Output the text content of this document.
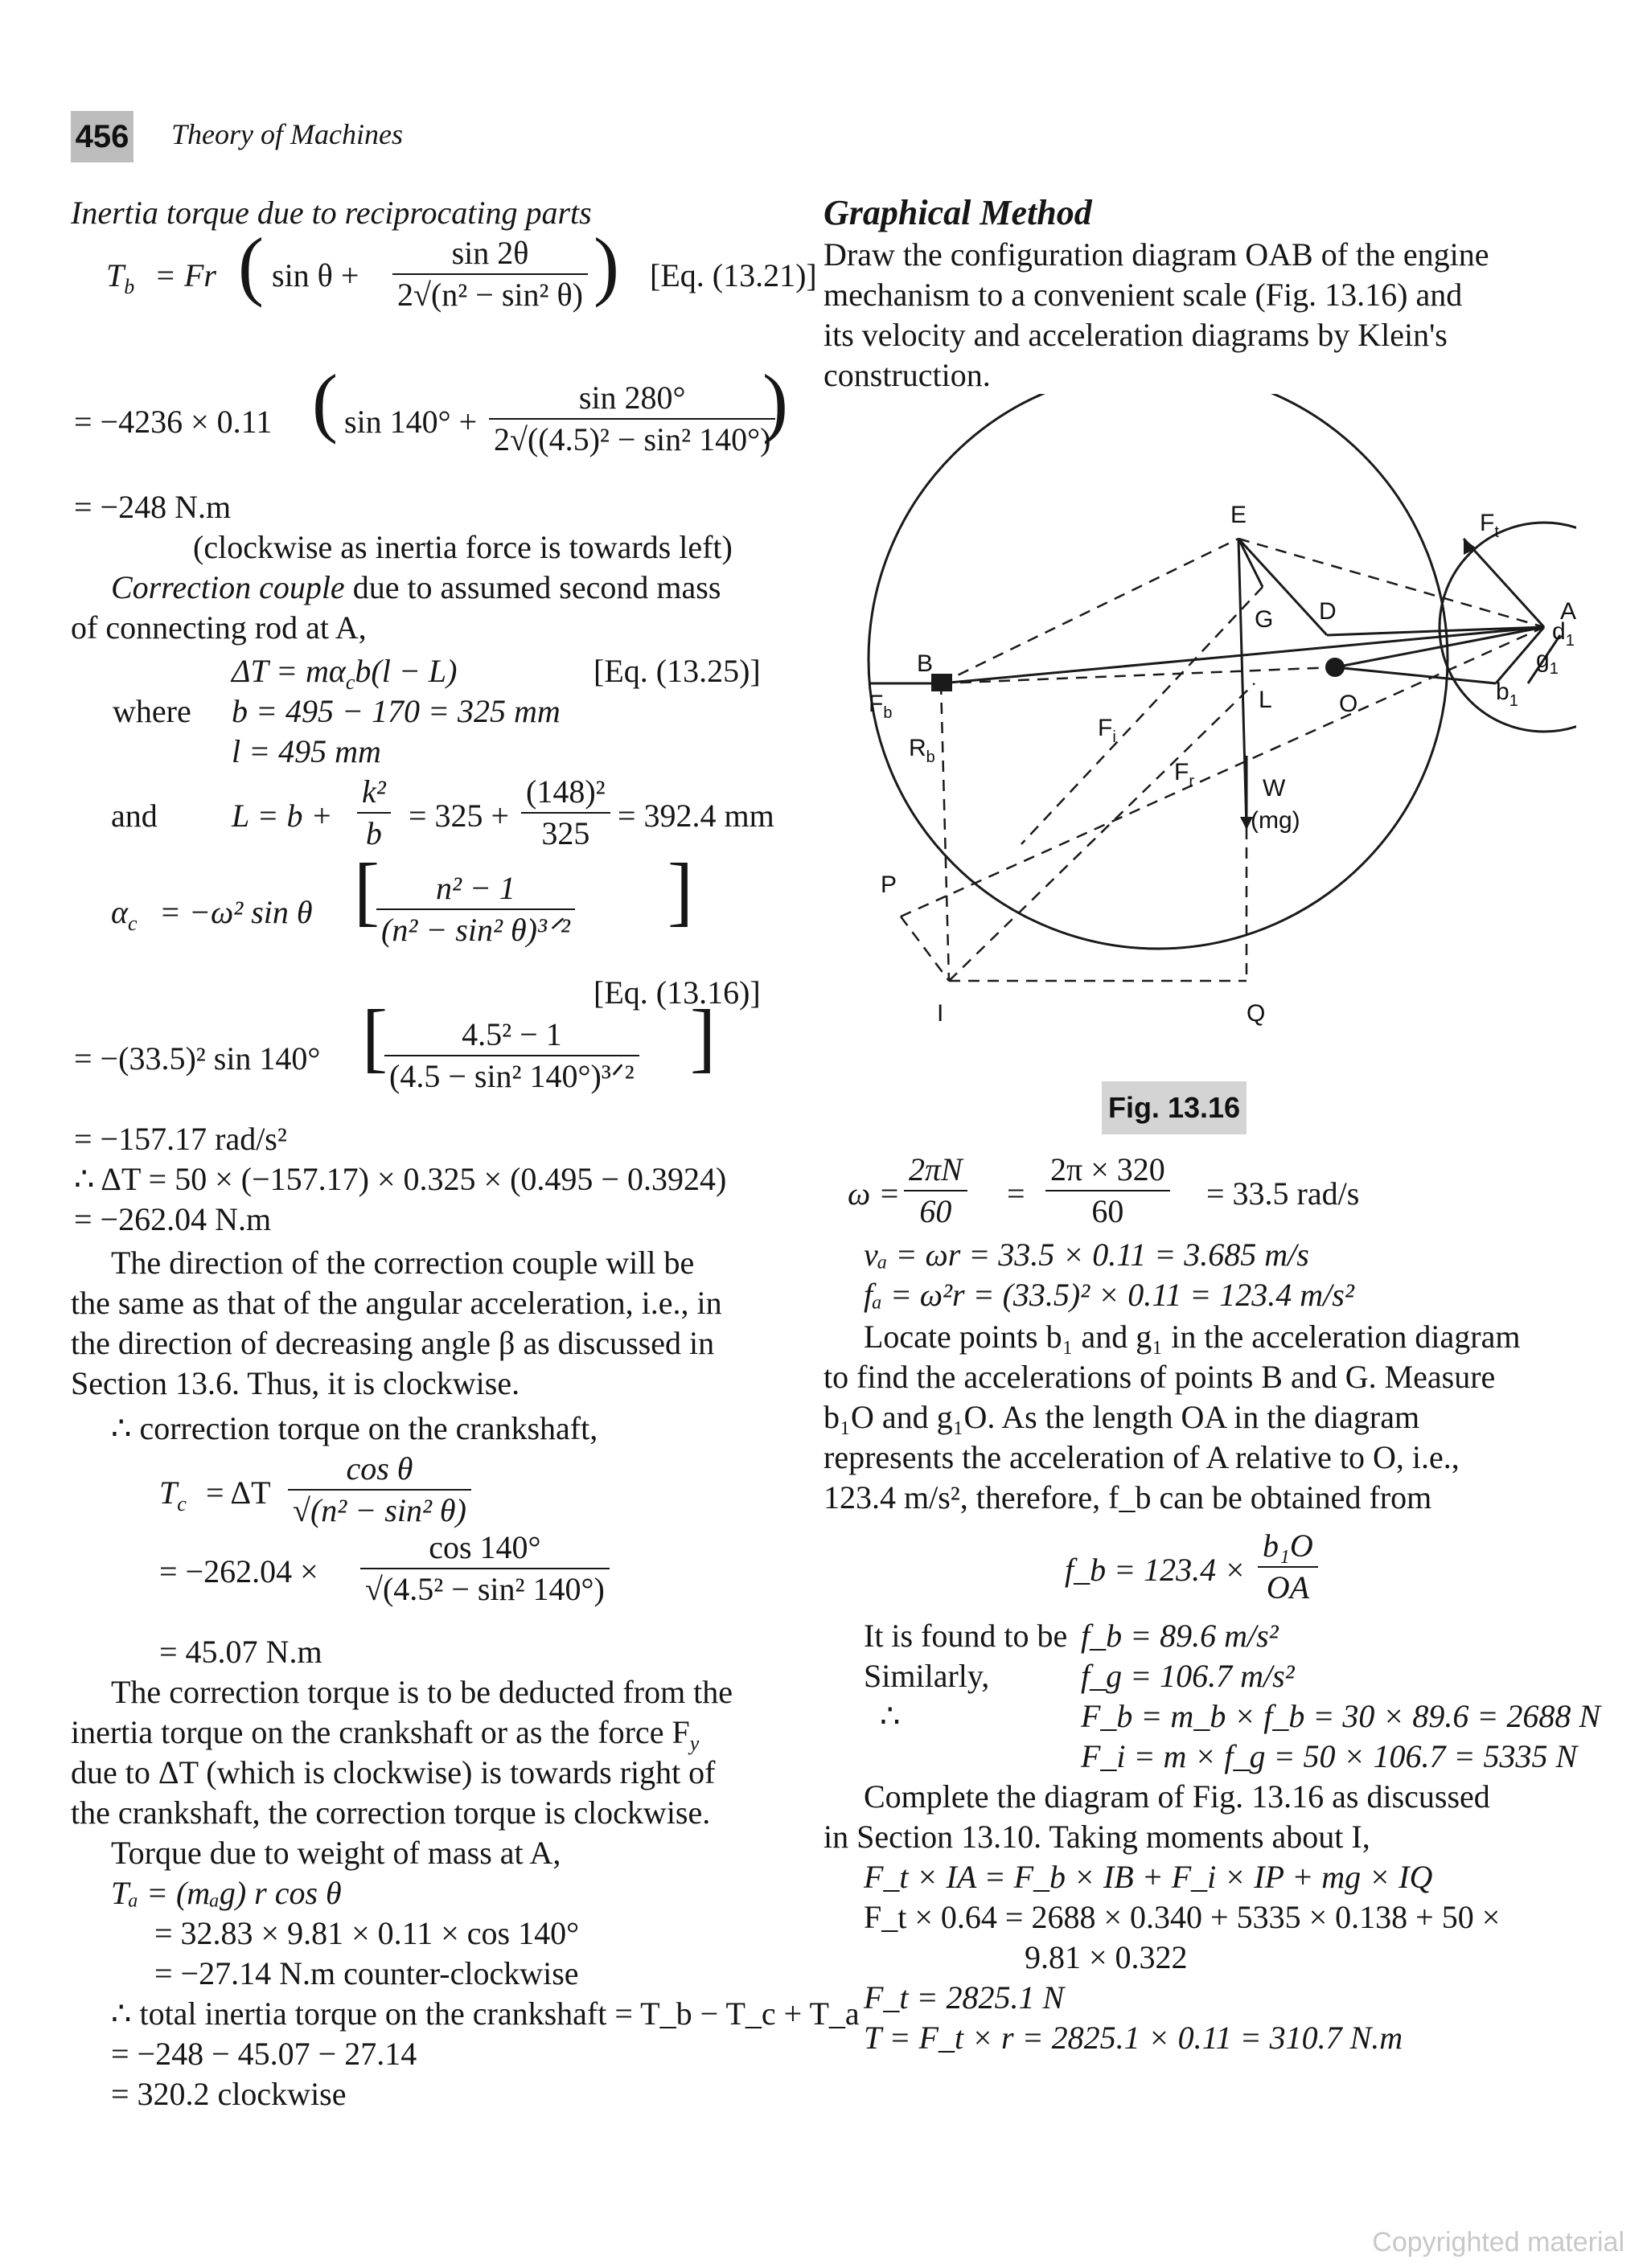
456 Theory of Machines
Inertia torque due to reciprocating parts
$T_b = Fr$ ( $\sin \theta + \frac{\sin 2\theta}{\text{2√(n² − sin² θ)}}$ ) [Eq. (13.21)]
= −4236 × 0.11 ( $\sin 140^\circ + \frac{\sin 280^\circ}{\text{2√((4.5)² − sin² 140°)}}$
)
= −248 N.m
(clockwise as inertia force is towards left)
Correction couple due to assumed second mass
of connecting rod at A,
$\Delta T = m\alpha_cb(l - L)$	[Eq. (13.25)]
where b = 495 − 170 = 325 mm
l = 495 mm
and $L = b + \frac{\text{k²}}{b} = 325 + \frac{\text{(148)²}}{325} = 392.4$ mm
$\alpha_c = -\omega^2$ sin θ [
$\frac{\text{n² − 1}}{\text{(n² − sin² θ)³ᐟ²}}$ ]
[Eq. (13.16)]
= −(33.5)² sin 140° [
$\frac{\text{4.5² − 1}}{\text{(4.5 − sin² 140°)³ᐟ²}}$ ]
= −157.17 rad/s²
∴ ΔT = 50 × (−157.17) × 0.325 × (0.495 − 0.3924)
= −262.04 N.m
The direction of the correction couple will be
the same as that of the angular acceleration, i.e., in
the direction of decreasing angle β as discussed in
Section 13.6. Thus, it is clockwise.
∴ correction torque on the crankshaft,
$T_c = \Delta T \frac{\text{cos θ}}{\text{√(n² − sin² θ)}}$
= $-262.04 \times \frac{\cos 140^\circ}{\text{√(4.5² − sin² 140°)}}$
= 45.07 N.m
The correction torque is to be deducted from the
inertia torque on the crankshaft or as the force $F_y$
due to ΔT (which is clockwise) is towards right of
the crankshaft, the correction torque is clockwise.
Torque due to weight of mass at A,
Tₐ = (mₐg) r cos θ
= 32.83 × 9.81 × 0.11 × cos 140°
= −27.14 N.m counter-clockwise
∴ total inertia torque on the crankshaft = T_b − T_c + T_a
= −248 − 45.07 − 27.14
= 320.2 clockwise
Graphical Method
Draw the configuration diagram OAB of the engine
mechanism to a convenient scale (Fig. 13.16) and
its velocity and acceleration diagrams by Klein's
construction.
$\omega = \frac{2\pi N}{60} = \frac{2\pi \times 320}{60} = 33.5$ rad/s
vₐ = ωr = 33.5 × 0.11 = 3.685 m/s
fₐ = ω²r = (33.5)² × 0.11 = 123.4 m/s²
Locate points b₁ and g₁ in the acceleration diagram
to find the accelerations of points B and G. Measure
b₁O and g₁O. As the length OA in the diagram
represents the acceleration of A relative to O, i.e.,
123.4 m/s², therefore, f_b can be obtained from
f_b = $123.4 \times \frac{\text{b₁O}}{OA}$
It is found to be f_b = 89.6 m/s²
Similarly,	f_g = 106.7 m/s²
∴	F_b = m_b × f_b = 30 × 89.6 = 2688 N
F_i = m × f_g = 50 × 106.7 = 5335 N
Complete the diagram of Fig. 13.16 as discussed
in Section 13.10. Taking moments about I,
F_t × IA = F_b × IB + F_i × IP + mg × IQ
F_t × 0.64 = 2688 × 0.340 + 5335 × 0.138 + 50 ×
9.81 × 0.322
F_t = 2825.1 N
T = F_t × r = 2825.1 × 0.11 = 310.7 N.m
E	$F_t$
A
$d_1$
$g_1$
G D
B
$F_b$
$b_1$
O
L
$F_i$
$R_b$
$F_r$	W
(mg)
P
I	Q
Fig. 13.16
Copyrighted material
